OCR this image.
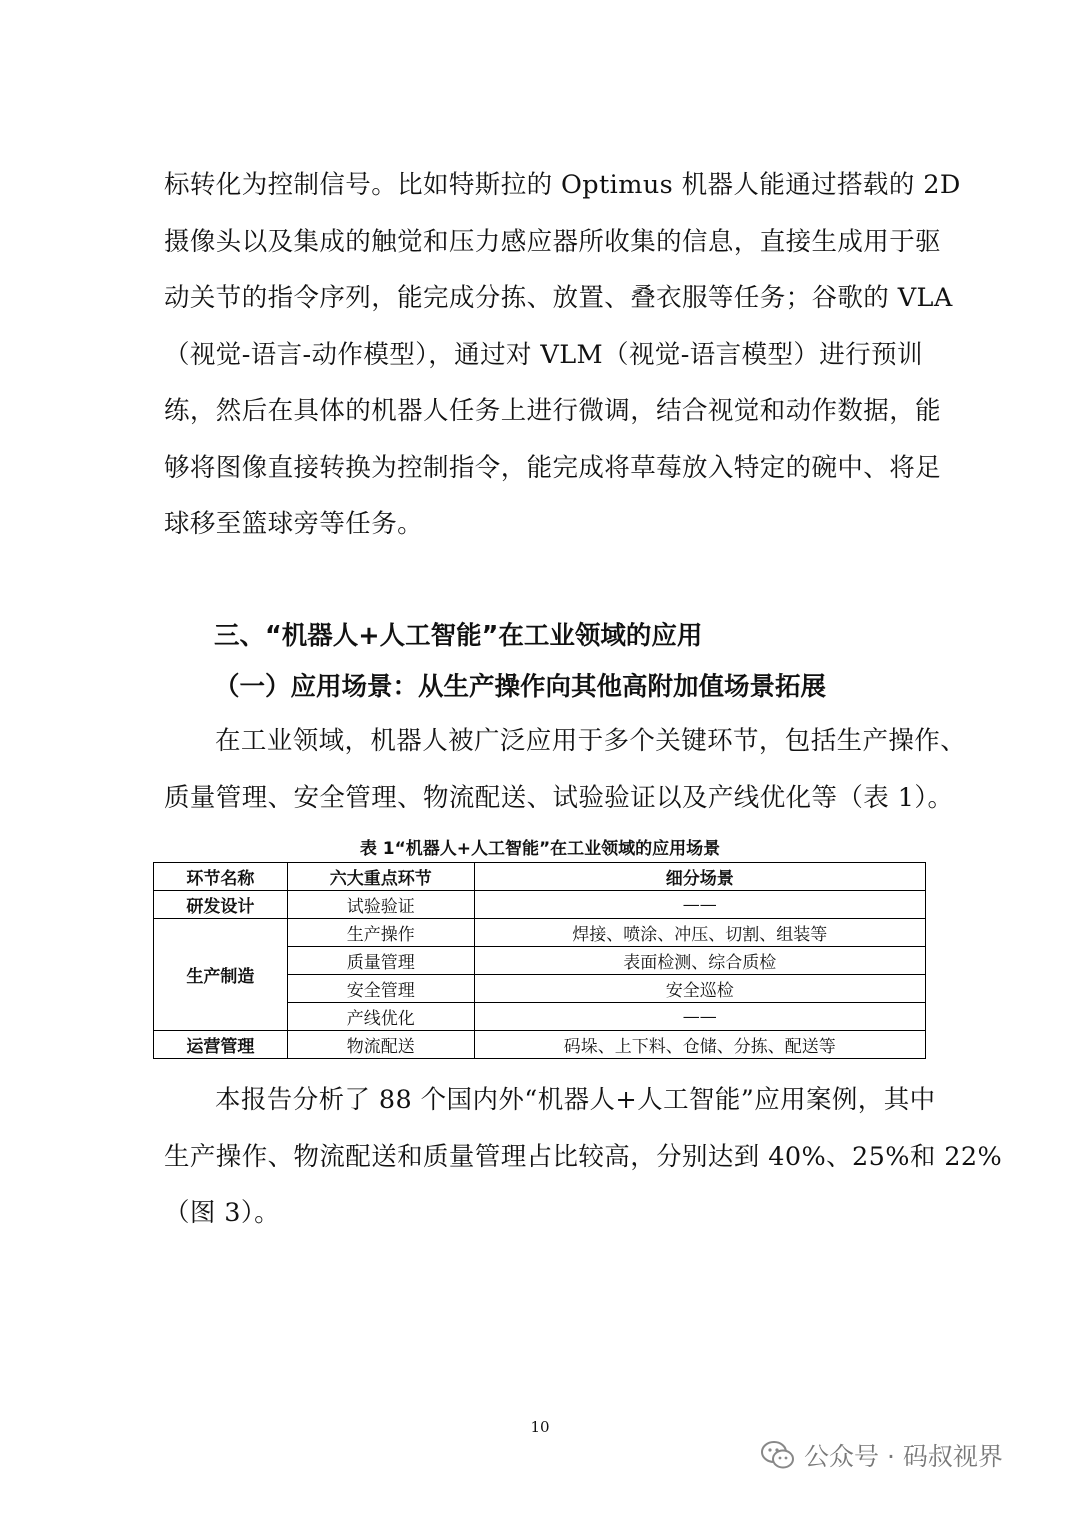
标转化为控制信号。比如特斯拉的 Optimus 机器人能通过搭载的 2D
摄像头以及集成的触觉和压力感应器所收集的信息，直接生成用于驱
动关节的指令序列，能完成分拣、放置、叠衣服等任务；谷歌的 VLA
（视觉-语言-动作模型），通过对 VLM（视觉-语言模型）进行预训
练，然后在具体的机器人任务上进行微调，结合视觉和动作数据，能
够将图像直接转换为控制指令，能完成将草莓放入特定的碗中、将足
球移至篮球旁等任务。
三、“机器人+人工智能”在工业领域的应用
（一）应用场景：从生产操作向其他高附加值场景拓展
在工业领域，机器人被广泛应用于多个关键环节，包括生产操作、
质量管理、安全管理、物流配送、试验验证以及产线优化等（表 1）。
表 1“机器人+人工智能”在工业领域的应用场景
环节名称	六大重点环节	细分场景
研发设计	试验验证	——
生产制造	生产操作	焊接、喷涂、冲压、切割、组装等
	质量管理	表面检测、综合质检
	安全管理	安全巡检
	产线优化	——
运营管理	物流配送	码垛、上下料、仓储、分拣、配送等
本报告分析了 88 个国内外“机器人+人工智能”应用案例，其中
生产操作、物流配送和质量管理占比较高，分别达到 40%、25%和 22%
（图 3）。
10
公众号 · 码叔视界
